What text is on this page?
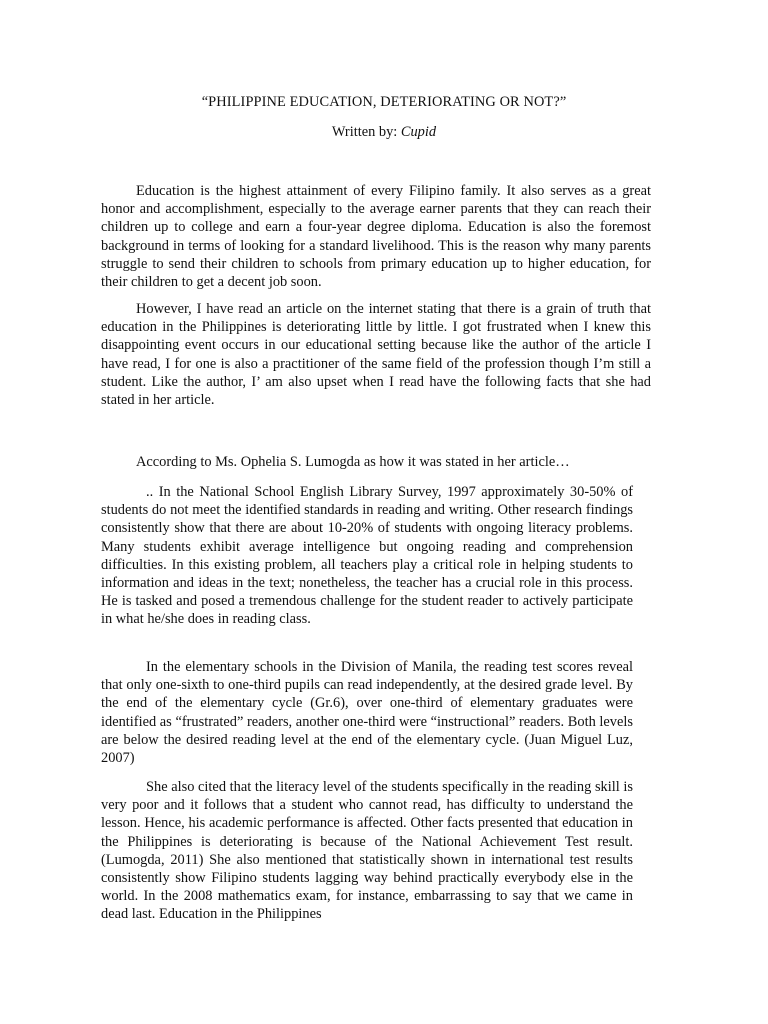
“PHILIPPINE EDUCATION, DETERIORATING OR NOT?”
Written by: Cupid

Education is the highest attainment of every Filipino family. It also serves as a great honor and accomplishment, especially to the average earner parents that they can reach their children up to college and earn a four-year degree diploma. Education is also the foremost background in terms of looking for a standard livelihood. This is the reason why many parents struggle to send their children to schools from primary education up to higher education, for their children to get a decent job soon.

However, I have read an article on the internet stating that there is a grain of truth that education in the Philippines is deteriorating little by little. I got frustrated when I knew this disappointing event occurs in our educational setting because like the author of the article I have read, I for one is also a practitioner of the same field of the profession though I’m still a student. Like the author, I’ am also upset when I read have the following facts that she had stated in her article.

According to Ms. Ophelia S. Lumogda as how it was stated in her article…

.. In the National School English Library Survey, 1997 approximately 30-50% of students do not meet the identified standards in reading and writing. Other research findings consistently show that there are about 10-20% of students with ongoing literacy problems. Many students exhibit average intelligence but ongoing reading and comprehension difficulties. In this existing problem, all teachers play a critical role in helping students to information and ideas in the text; nonetheless, the teacher has a crucial role in this process. He is tasked and posed a tremendous challenge for the student reader to actively participate in what he/she does in reading class.

In the elementary schools in the Division of Manila, the reading test scores reveal that only one-sixth to one-third pupils can read independently, at the desired grade level. By the end of the elementary cycle (Gr.6), over one-third of elementary graduates were identified as “frustrated” readers, another one-third were “instructional” readers. Both levels are below the desired reading level at the end of the elementary cycle. (Juan Miguel Luz, 2007)

She also cited that the literacy level of the students specifically in the reading skill is very poor and it follows that a student who cannot read, has difficulty to understand the lesson. Hence, his academic performance is affected. Other facts presented that education in the Philippines is deteriorating is because of the National Achievement Test result. (Lumogda, 2011) She also mentioned that statistically shown in international test results consistently show Filipino students lagging way behind practically everybody else in the world. In the 2008 mathematics exam, for instance, embarrassing to say that we came in dead last. Education in the Philippines
